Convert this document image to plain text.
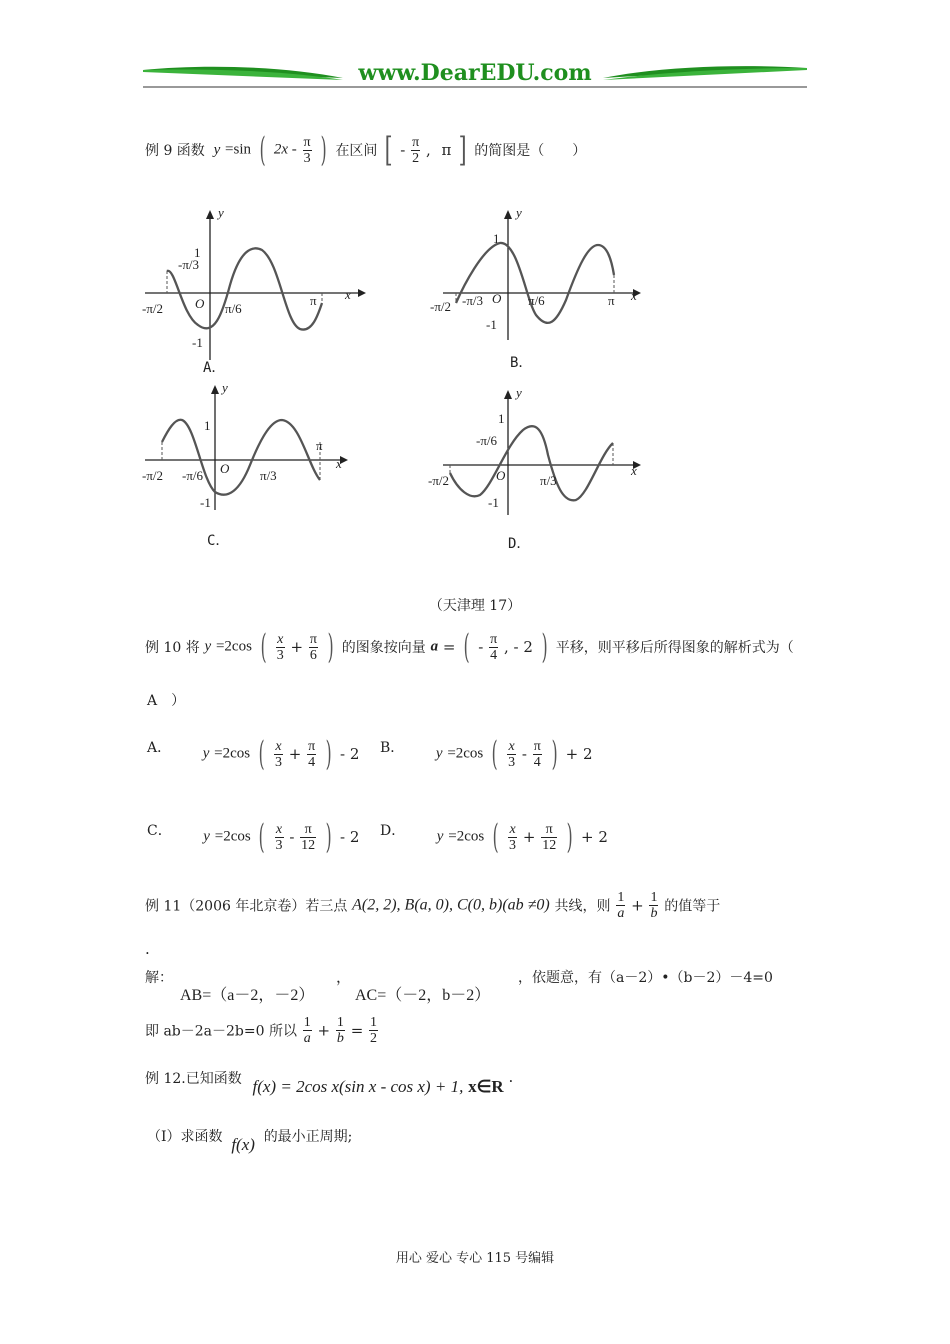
www.DearEDU.com
例 9 函数 y =sin ( $2x - \frac{\pi}{3}$ ) 在区间 [ - $\frac{\pi}{2}$ , π ] 的简图是（　　）
y
x
1
-1
O
-π/3
-π/2	π/6
π
A．
y
x
1
-1
O
-π/2 -π/3	π/6	π
B．
y
x
1
-1
O
-π/2 -π/6	π/3
π
C．
y
x
1
-1
O
-π/2
-π/6
π/3
D．
（天津理 17）
例 10 将 y =2cos ( $\frac{x}{3} + \frac{\pi}{6}$ ) 的图象按向量 a = ( - $\frac{\pi}{4}$ , - 2 ) 平移，则平移后所得图象的解析式为（
A　）
A． y =2cos ( $\frac{x}{3} + \frac{\pi}{4}$ ) - 2 B． y =2cos ( $\frac{x}{3} - \frac{\pi}{4}$ ) + 2
C． y =2cos ( $\frac{x}{3} - \frac{\pi}{12}$ ) - 2 D． y =2cos ( $\frac{x}{3} + \frac{\pi}{12}$ ) + 2
例 11（2006 年北京卷）若三点 A(2, 2), B(a, 0), C(0, b)(ab ≠0) 共线，则 $\frac{1}{a} + \frac{1}{b}$ 的值等于
.
解：
AB=（a－2，－2）
，
AC=（－2，b－2）
，依题意，有（a－2）•（b－2）－4=0
即 ab－2a－2b=0 所以 $\frac{1}{a} + \frac{1}{b} = \frac{1}{2}$
例 12.已知函数 f(x) = 2cos x(sin x - cos x) + 1, x∈R .
（Ⅰ）求函数 f(x) 的最小正周期;
用心 爱心 专心 115 号编辑
